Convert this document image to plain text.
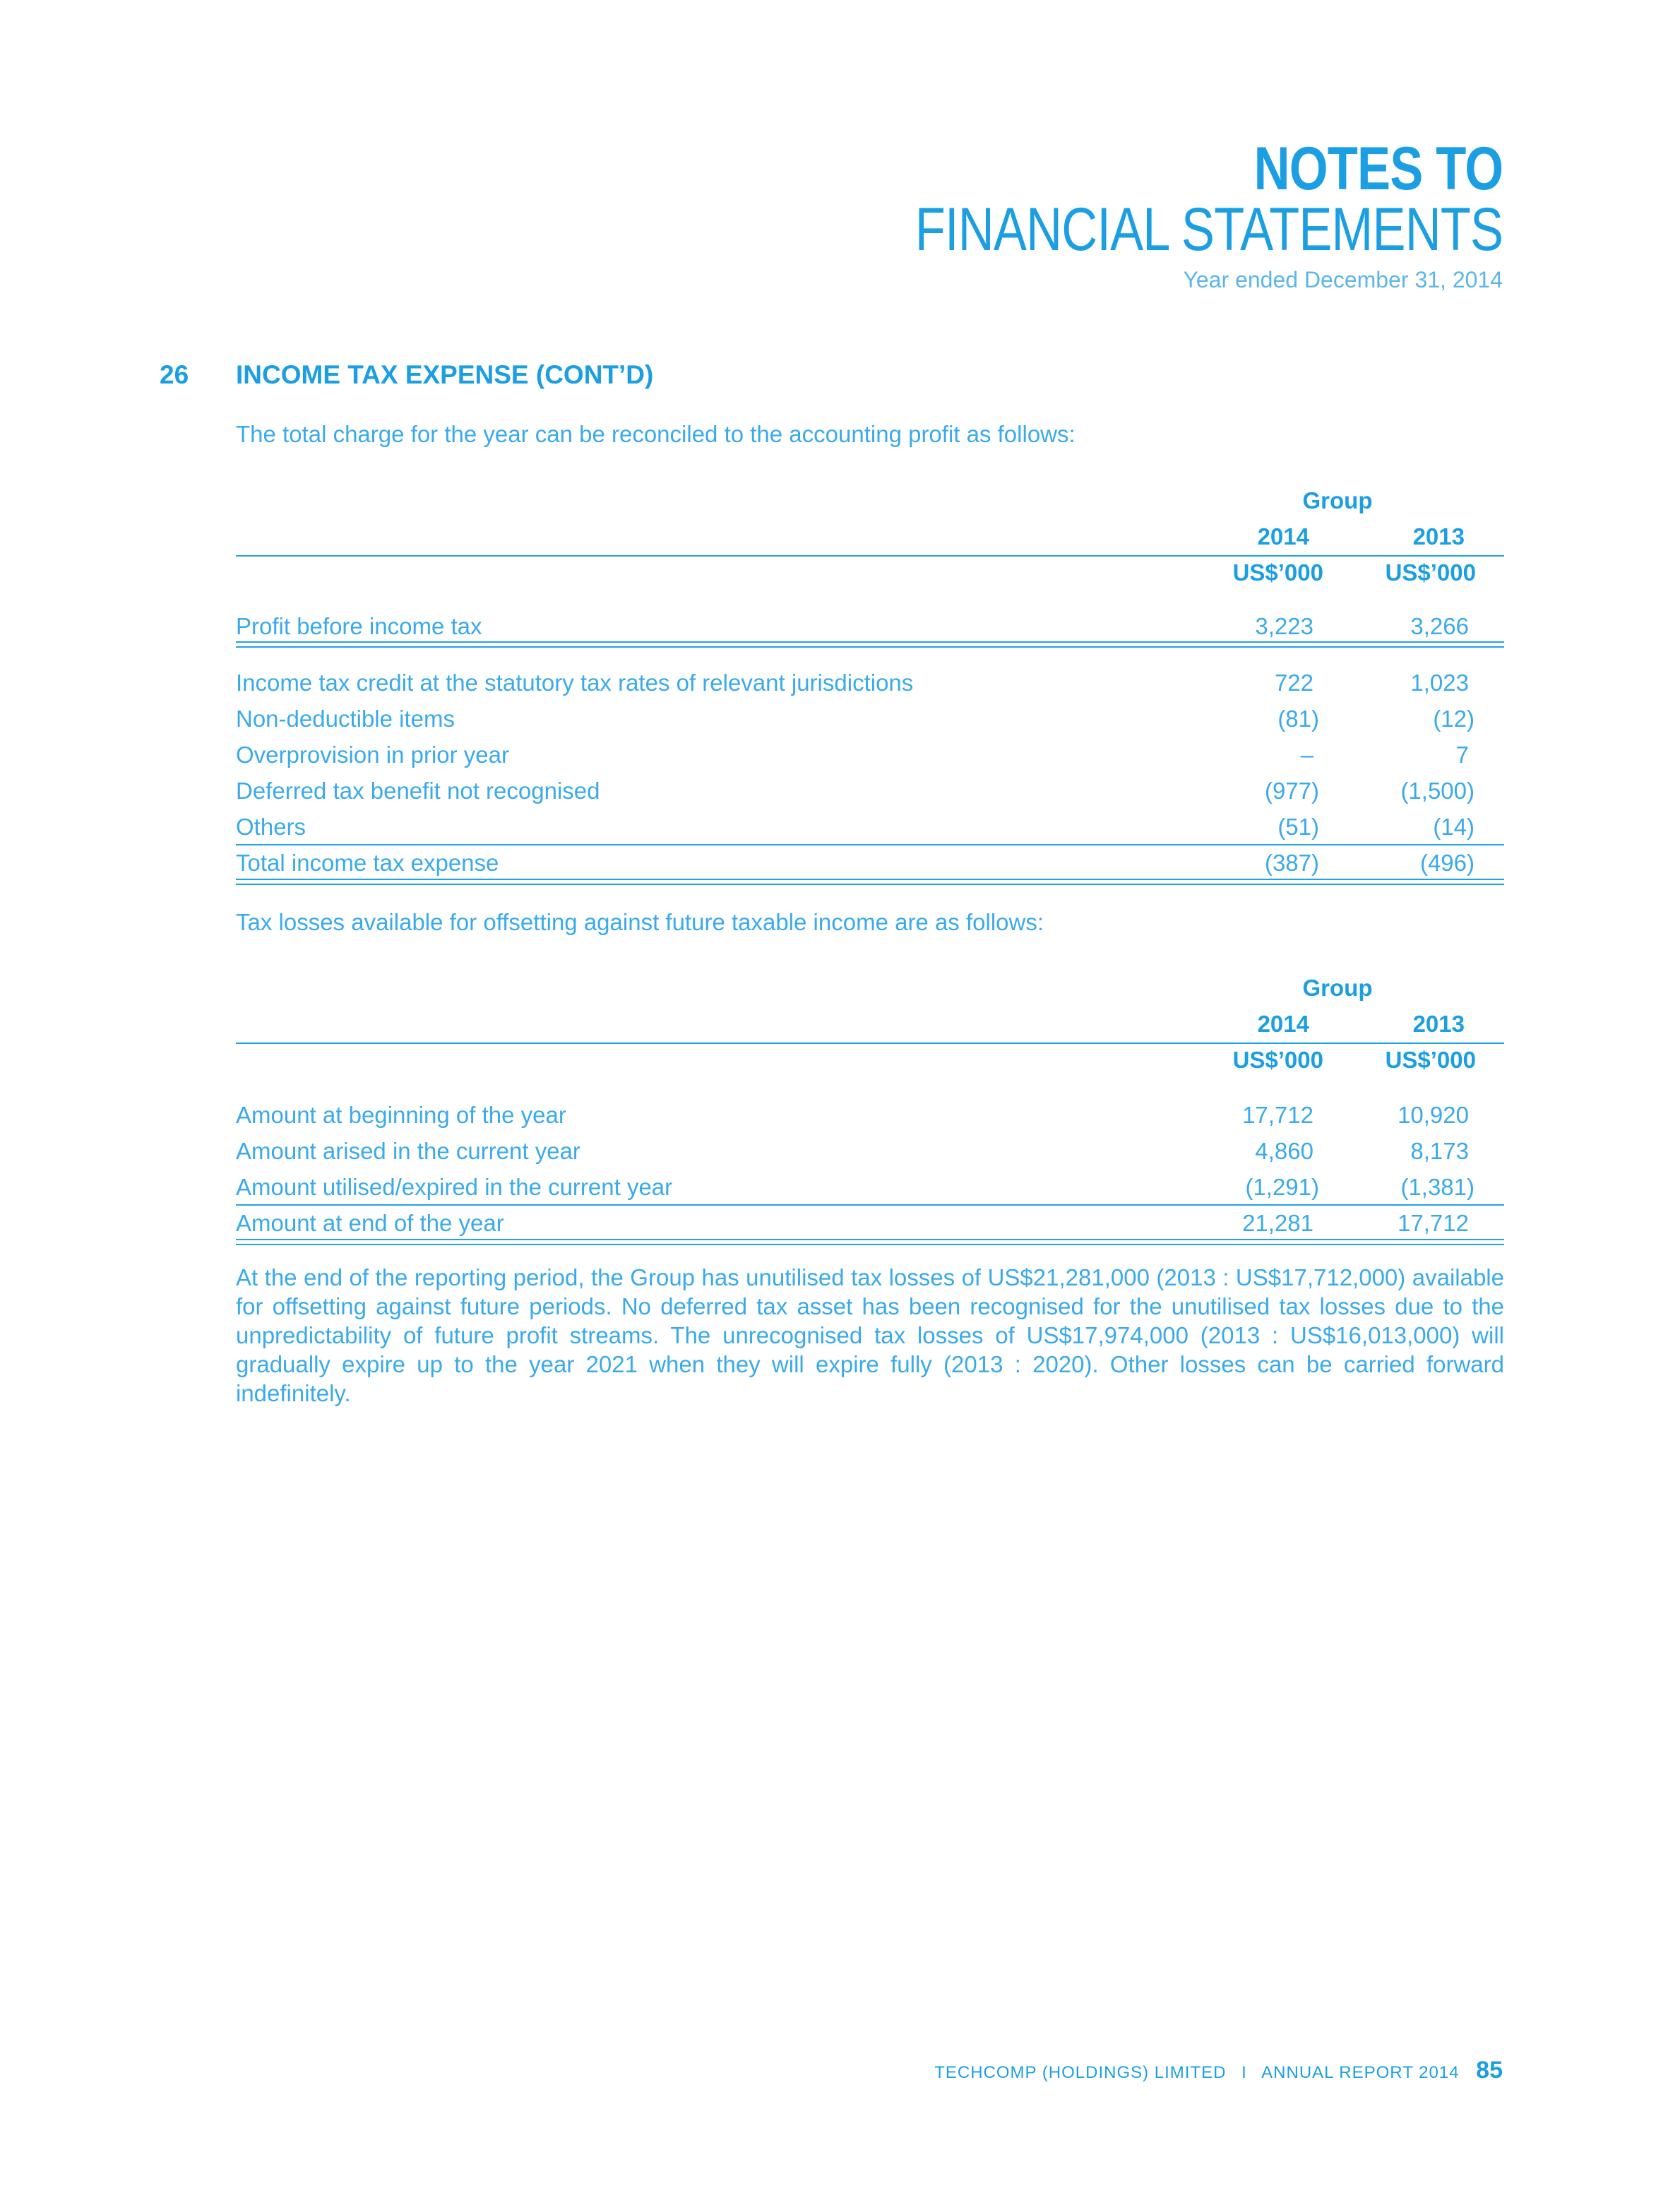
NOTES TO
FINANCIAL STATEMENTS
Year ended December 31, 2014
26 INCOME TAX EXPENSE (CONT’D)
The total charge for the year can be reconciled to the accounting profit as follows:
Group
2014	2013
US$’000	US$’000
Profit before income tax	3,223	3,266
Income tax credit at the statutory tax rates of relevant jurisdictions	722	1,023
Non-deductible items	(81)	(12)
Overprovision in prior year	–	7
Deferred tax benefit not recognised	(977)	(1,500)
Others	(51)	(14)
Total income tax expense	(387)	(496)
Tax losses available for offsetting against future taxable income are as follows:
Group
2014	2013
US$’000	US$’000
Amount at beginning of the year	17,712	10,920
Amount arised in the current year	4,860	8,173
Amount utilised/expired in the current year	(1,291)	(1,381)
Amount at end of the year	21,281	17,712
At the end of the reporting period, the Group has unutilised tax losses of US$21,281,000 (2013 : US$17,712,000) available for offsetting against future periods. No deferred tax asset has been recognised for the unutilised tax losses due to the unpredictability of future profit streams. The unrecognised tax losses of US$17,974,000 (2013 : US$16,013,000) will gradually expire up to the year 2021 when they will expire fully (2013 : 2020). Other losses can be carried forward indefinitely.
TECHCOMP (HOLDINGS) LIMITED I ANNUAL REPORT 2014 85
